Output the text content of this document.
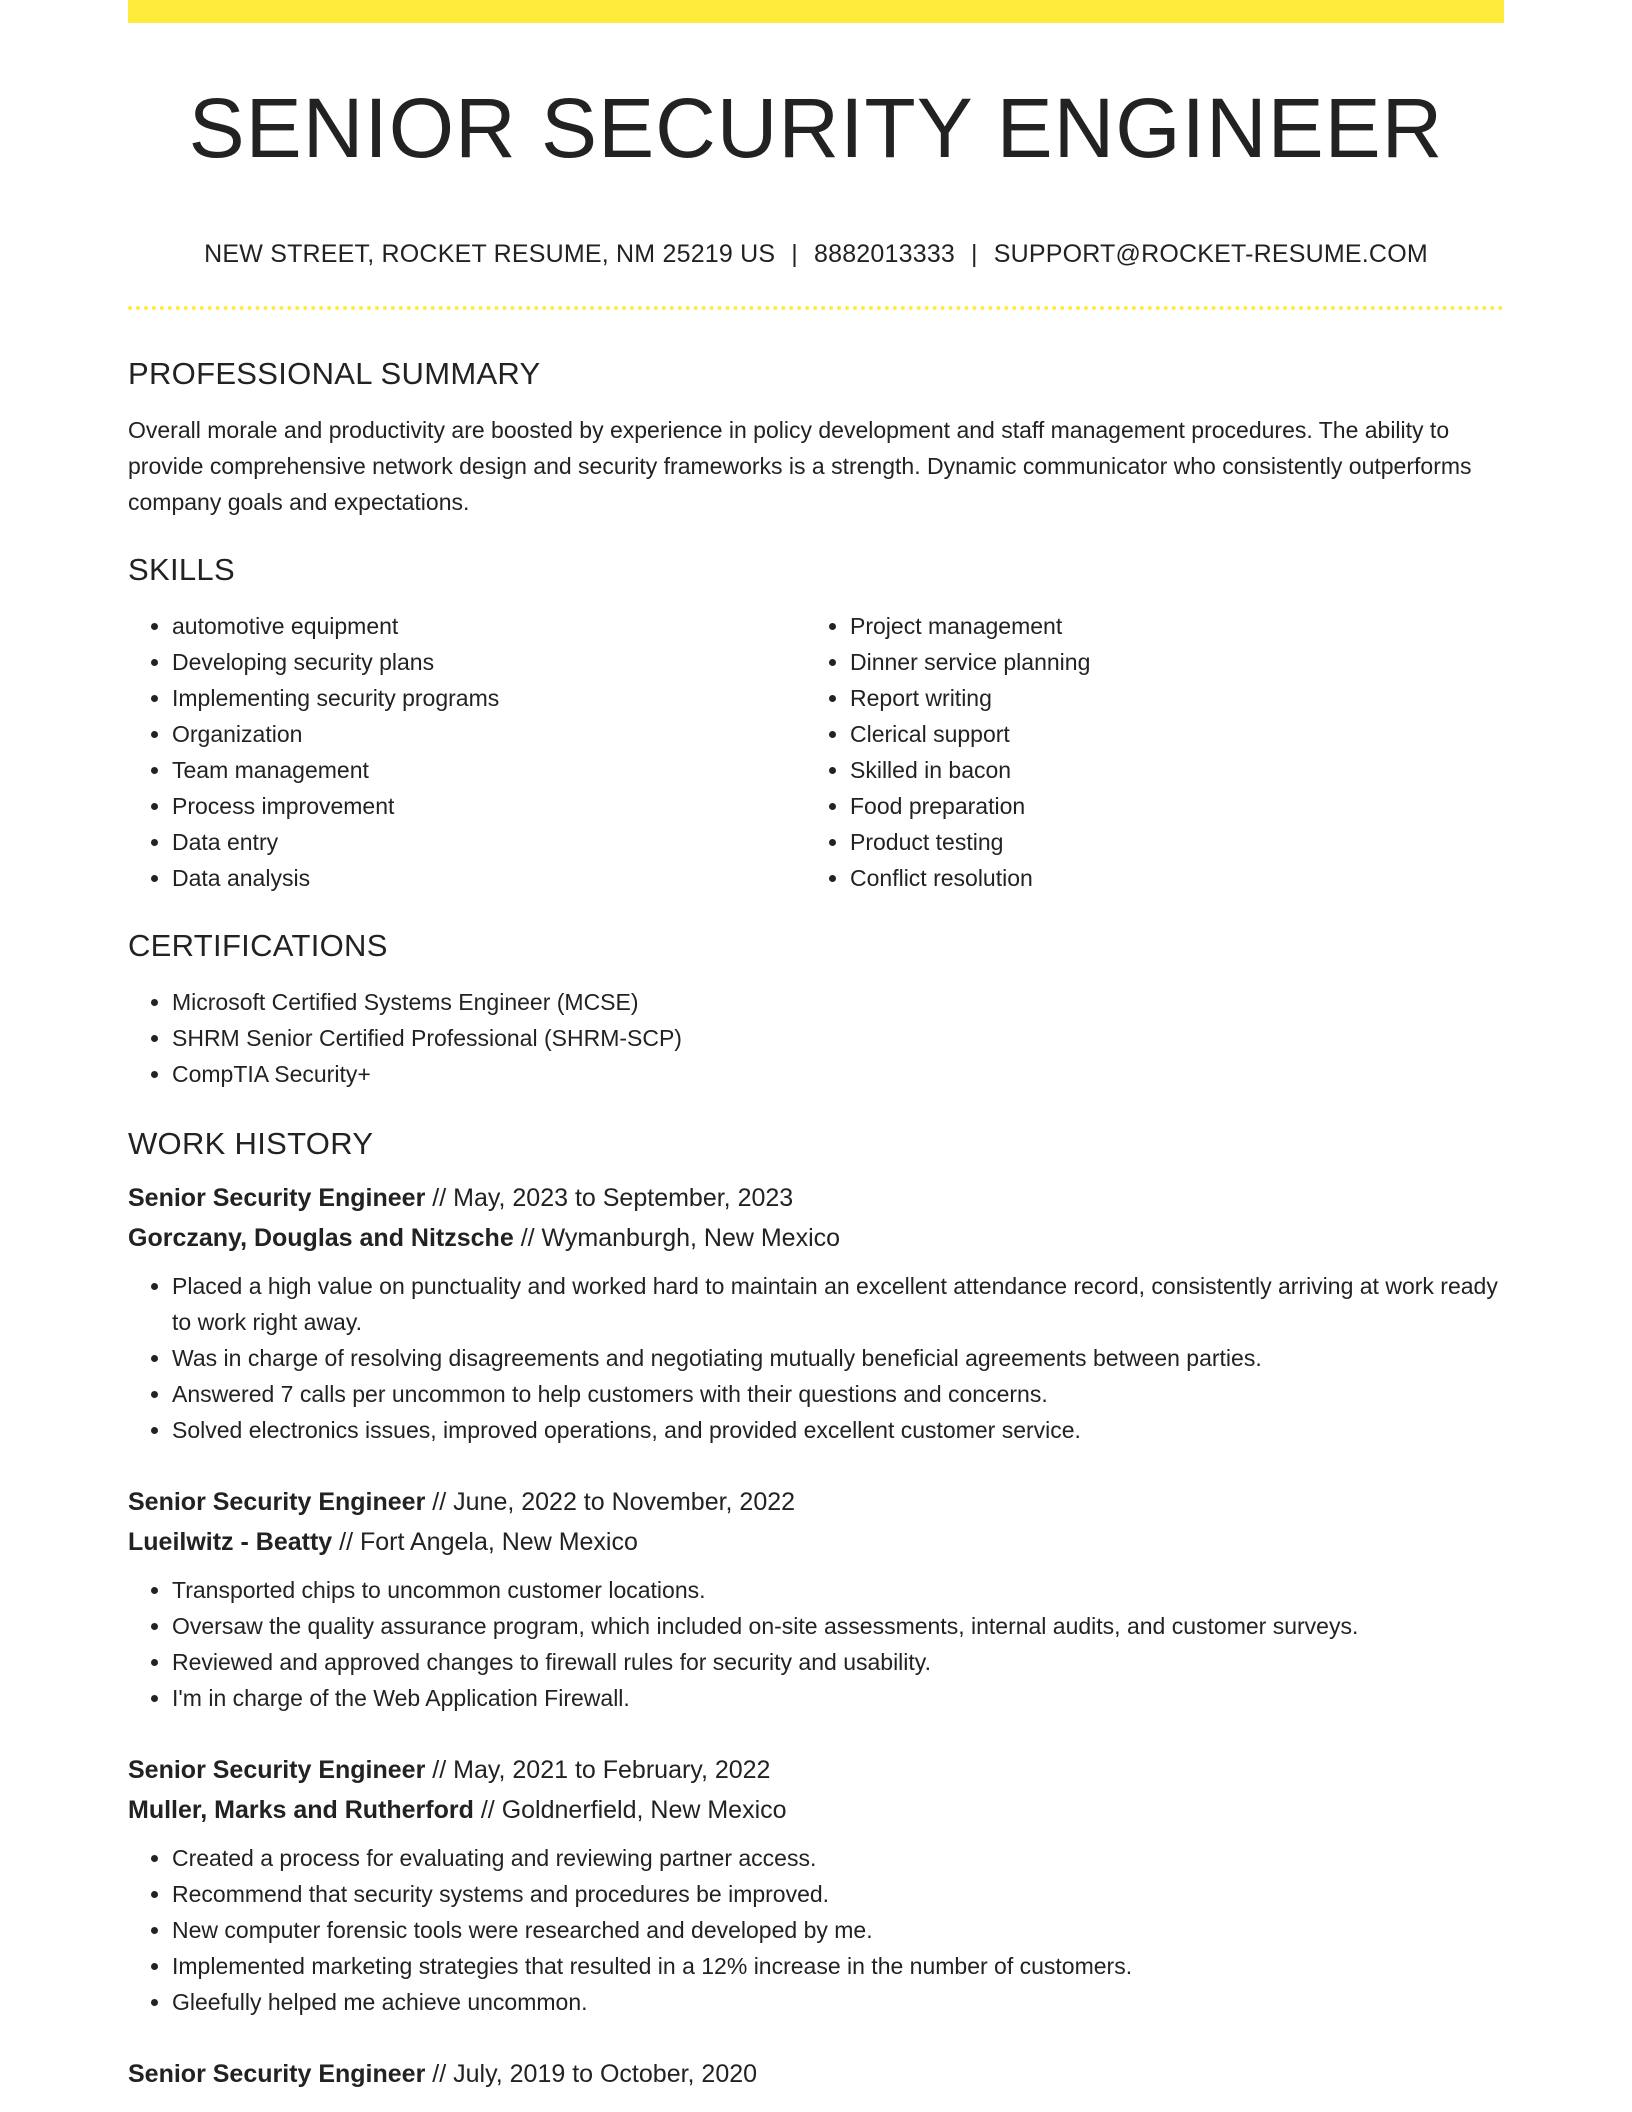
SENIOR SECURITY ENGINEER
NEW STREET, ROCKET RESUME, NM 25219 US | 8882013333 | SUPPORT@ROCKET-RESUME.COM
PROFESSIONAL SUMMARY

Overall morale and productivity are boosted by experience in policy development and staff management procedures. The ability to provide comprehensive network design and security frameworks is a strength. Dynamic communicator who consistently outperforms company goals and expectations.

SKILLS
• automotive equipment
• Developing security plans
• Implementing security programs
• Organization
• Team management
• Process improvement
• Data entry
• Data analysis
• Project management
• Dinner service planning
• Report writing
• Clerical support
• Skilled in bacon
• Food preparation
• Product testing
• Conflict resolution
CERTIFICATIONS
• Microsoft Certified Systems Engineer (MCSE)
• SHRM Senior Certified Professional (SHRM-SCP)
• CompTIA Security+
WORK HISTORY
Senior Security Engineer // May, 2023 to September, 2023
Gorczany, Douglas and Nitzsche // Wymanburgh, New Mexico
• Placed a high value on punctuality and worked hard to maintain an excellent attendance record, consistently arriving at work ready to work right away.
• Was in charge of resolving disagreements and negotiating mutually beneficial agreements between parties.
• Answered 7 calls per uncommon to help customers with their questions and concerns.
• Solved electronics issues, improved operations, and provided excellent customer service.
Senior Security Engineer // June, 2022 to November, 2022
Lueilwitz - Beatty // Fort Angela, New Mexico
• Transported chips to uncommon customer locations.
• Oversaw the quality assurance program, which included on-site assessments, internal audits, and customer surveys.
• Reviewed and approved changes to firewall rules for security and usability.
• I'm in charge of the Web Application Firewall.
Senior Security Engineer // May, 2021 to February, 2022
Muller, Marks and Rutherford // Goldnerfield, New Mexico
• Created a process for evaluating and reviewing partner access.
• Recommend that security systems and procedures be improved.
• New computer forensic tools were researched and developed by me.
• Implemented marketing strategies that resulted in a 12% increase in the number of customers.
• Gleefully helped me achieve uncommon.
Senior Security Engineer // July, 2019 to October, 2020
